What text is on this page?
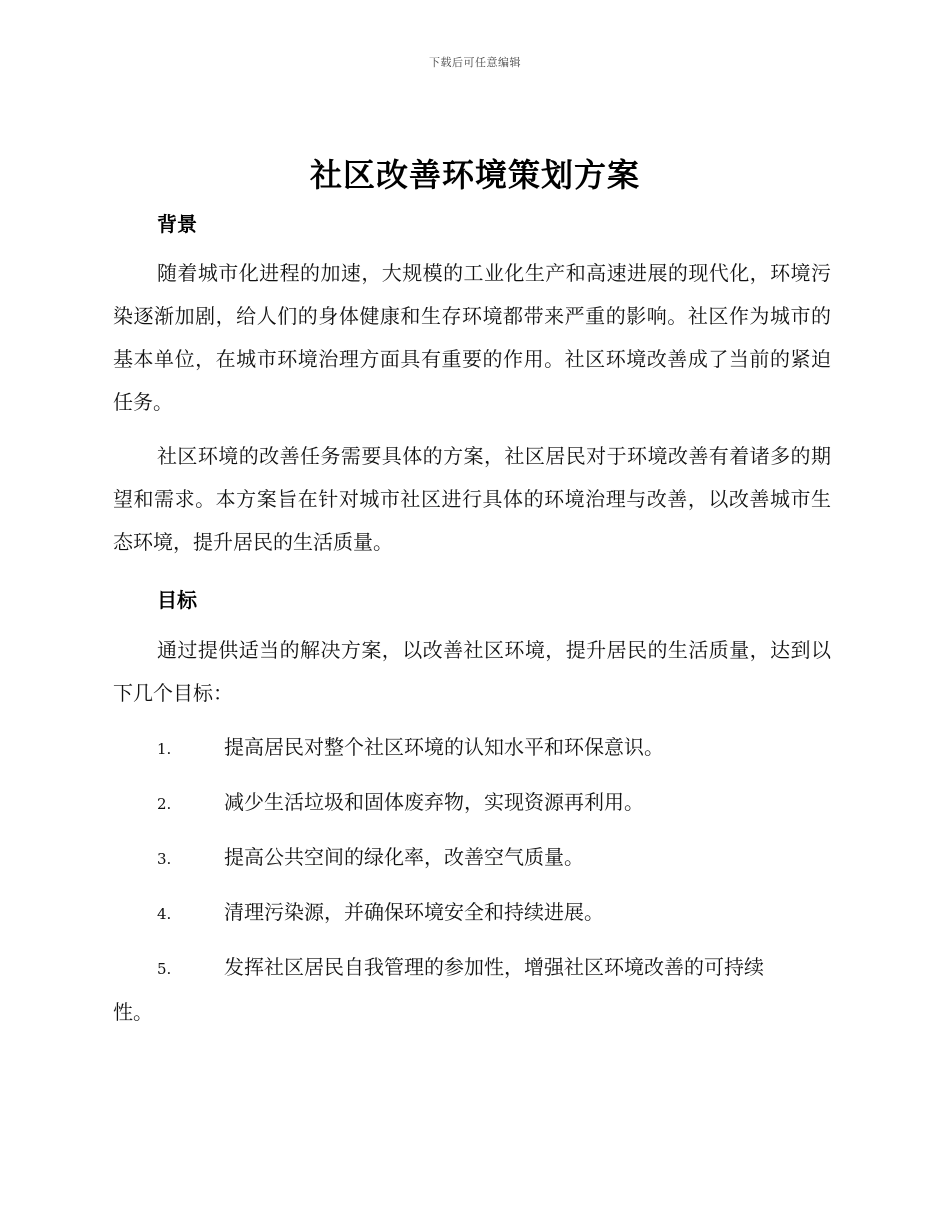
下载后可任意编辑
社区改善环境策划方案
背景

随着城市化进程的加速，大规模的工业化生产和高速进展的现代化，环境污染逐渐加剧，给人们的身体健康和生存环境都带来严重的影响。社区作为城市的基本单位，在城市环境治理方面具有重要的作用。社区环境改善成了当前的紧迫任务。

社区环境的改善任务需要具体的方案，社区居民对于环境改善有着诸多的期望和需求。本方案旨在针对城市社区进行具体的环境治理与改善，以改善城市生态环境，提升居民的生活质量。

目标

通过提供适当的解决方案，以改善社区环境，提升居民的生活质量，达到以下几个目标：

1.	提高居民对整个社区环境的认知水平和环保意识。

2.	减少生活垃圾和固体废弃物，实现资源再利用。

3.	提高公共空间的绿化率，改善空气质量。

4.	清理污染源，并确保环境安全和持续进展。

5.	发挥社区居民自我管理的参加性，增强社区环境改善的可持续
性。
